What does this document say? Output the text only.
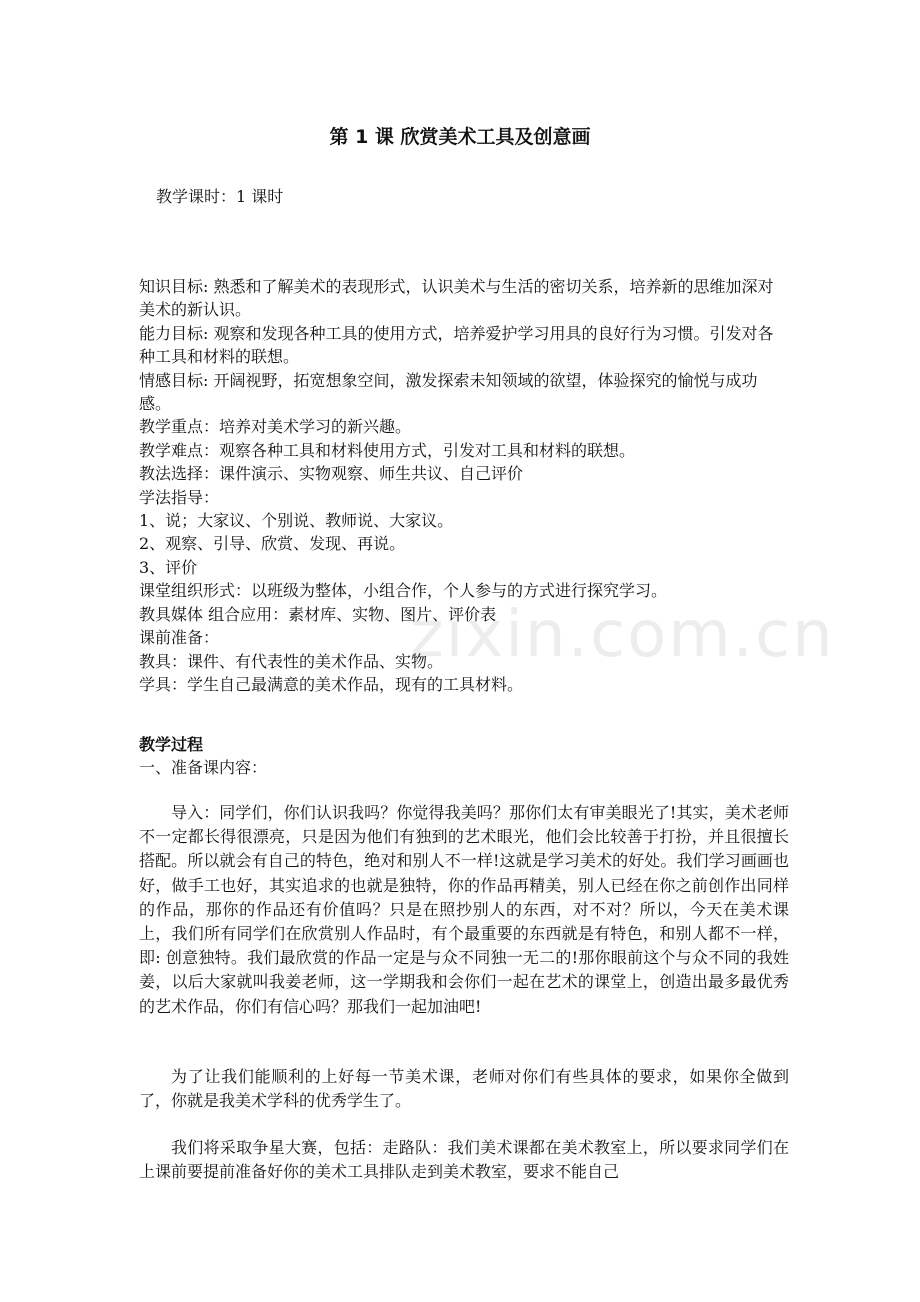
zixin.com.cn
第 1 课 欣赏美术工具及创意画
教学课时：1 课时

知识目标: 熟悉和了解美术的表现形式，认识美术与生活的密切关系，培养新的思维加深对美术的新认识。

能力目标: 观察和发现各种工具的使用方式，培养爱护学习用具的良好行为习惯。引发对各种工具和材料的联想。

情感目标: 开阔视野，拓宽想象空间，激发探索未知领域的欲望，体验探究的愉悦与成功感。

教学重点：培养对美术学习的新兴趣。

教学难点：观察各种工具和材料使用方式，引发对工具和材料的联想。

教法选择：课件演示、实物观察、师生共议、自己评价

学法指导：

1、说；大家议、个别说、教师说、大家议。

2、观察、引导、欣赏、发现、再说。

3、评价

课堂组织形式：以班级为整体，小组合作，个人参与的方式进行探究学习。

教具媒体 组合应用：素材库、实物、图片、评价表

课前准备：

教具：课件、有代表性的美术作品、实物。

学具：学生自己最满意的美术作品，现有的工具材料。

教学过程

一、准备课内容：

导入：同学们，你们认识我吗？你觉得我美吗？那你们太有审美眼光了!其实，美术老师不一定都长得很漂亮，只是因为他们有独到的艺术眼光，他们会比较善于打扮，并且很擅长搭配。所以就会有自己的特色，绝对和别人不一样!这就是学习美术的好处。我们学习画画也好，做手工也好，其实追求的也就是独特，你的作品再精美，别人已经在你之前创作出同样的作品，那你的作品还有价值吗？只是在照抄别人的东西，对不对？所以，今天在美术课上，我们所有同学们在欣赏别人作品时，有个最重要的东西就是有特色，和别人都不一样，即: 创意独特。我们最欣赏的作品一定是与众不同独一无二的!那你眼前这个与众不同的我姓姜，以后大家就叫我姜老师，这一学期我和会你们一起在艺术的课堂上，创造出最多最优秀的艺术作品，你们有信心吗？那我们一起加油吧!

为了让我们能顺利的上好每一节美术课，老师对你们有些具体的要求，如果你全做到了，你就是我美术学科的优秀学生了。

我们将采取争星大赛，包括：走路队：我们美术课都在美术教室上，所以要求同学们在上课前要提前准备好你的美术工具排队走到美术教室，要求不能自己
